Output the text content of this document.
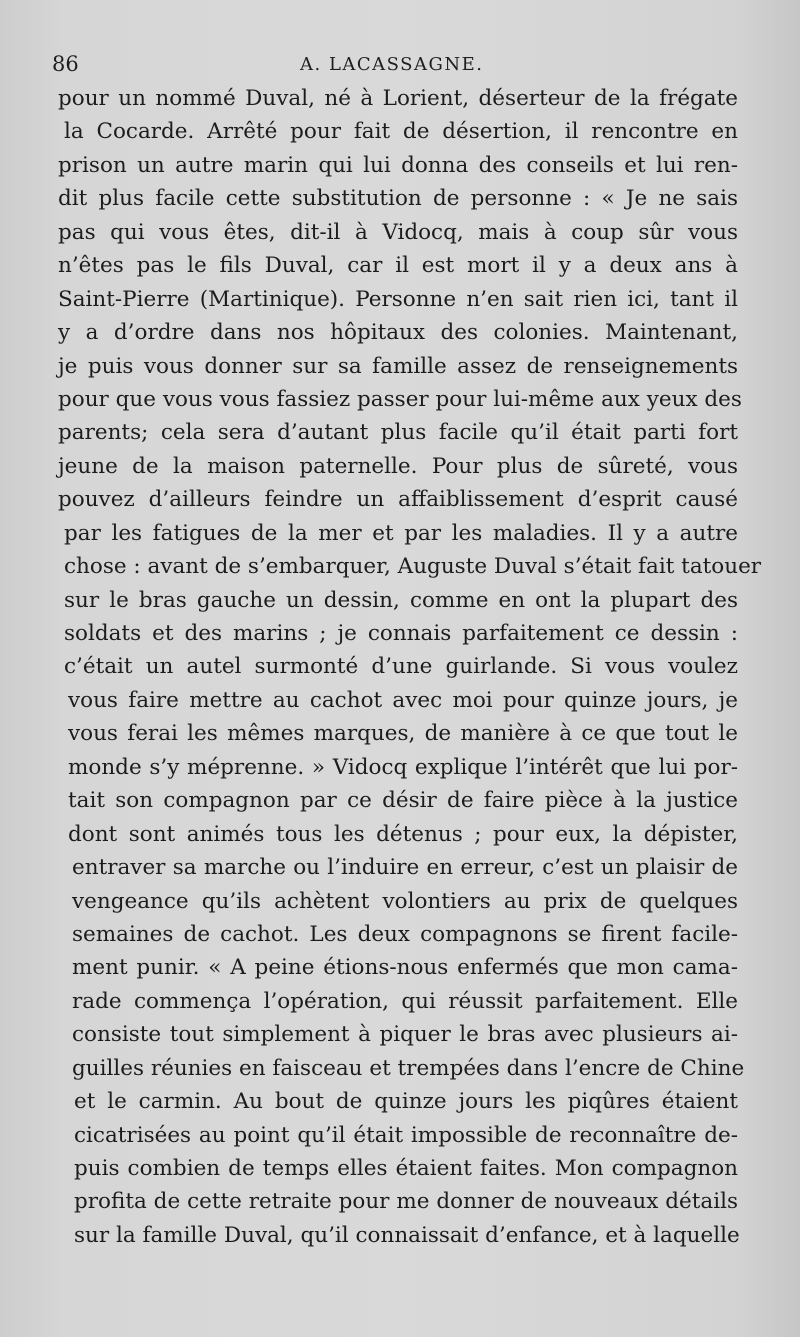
86	A. LACASSAGNE.
pour un nommé Duval, né à Lorient, déserteur de la frégate
la Cocarde. Arrêté pour fait de désertion, il rencontre en
prison un autre marin qui lui donna des conseils et lui ren-
dit plus facile cette substitution de personne : « Je ne sais
pas qui vous êtes, dit-il à Vidocq, mais à coup sûr vous
n’êtes pas le fils Duval, car il est mort il y a deux ans à
Saint-Pierre (Martinique). Personne n’en sait rien ici, tant il
y a d’ordre dans nos hôpitaux des colonies. Maintenant,
je puis vous donner sur sa famille assez de renseignements
pour que vous vous fassiez passer pour lui-même aux yeux des
parents; cela sera d’autant plus facile qu’il était parti fort
jeune de la maison paternelle. Pour plus de sûreté, vous
pouvez d’ailleurs feindre un affaiblissement d’esprit causé
par les fatigues de la mer et par les maladies. Il y a autre
chose : avant de s’embarquer, Auguste Duval s’était fait tatouer
sur le bras gauche un dessin, comme en ont la plupart des
soldats et des marins ; je connais parfaitement ce dessin :
c’était un autel surmonté d’une guirlande. Si vous voulez
vous faire mettre au cachot avec moi pour quinze jours, je
vous ferai les mêmes marques, de manière à ce que tout le
monde s’y méprenne. » Vidocq explique l’intérêt que lui por-
tait son compagnon par ce désir de faire pièce à la justice
dont sont animés tous les détenus ; pour eux, la dépister,
entraver sa marche ou l’induire en erreur, c’est un plaisir de
vengeance qu’ils achètent volontiers au prix de quelques
semaines de cachot. Les deux compagnons se firent facile-
ment punir. « A peine étions-nous enfermés que mon cama-
rade commença l’opération, qui réussit parfaitement. Elle
consiste tout simplement à piquer le bras avec plusieurs ai-
guilles réunies en faisceau et trempées dans l’encre de Chine
et le carmin. Au bout de quinze jours les piqûres étaient
cicatrisées au point qu’il était impossible de reconnaître de-
puis combien de temps elles étaient faites. Mon compagnon
profita de cette retraite pour me donner de nouveaux détails
sur la famille Duval, qu’il connaissait d’enfance, et à laquelle
